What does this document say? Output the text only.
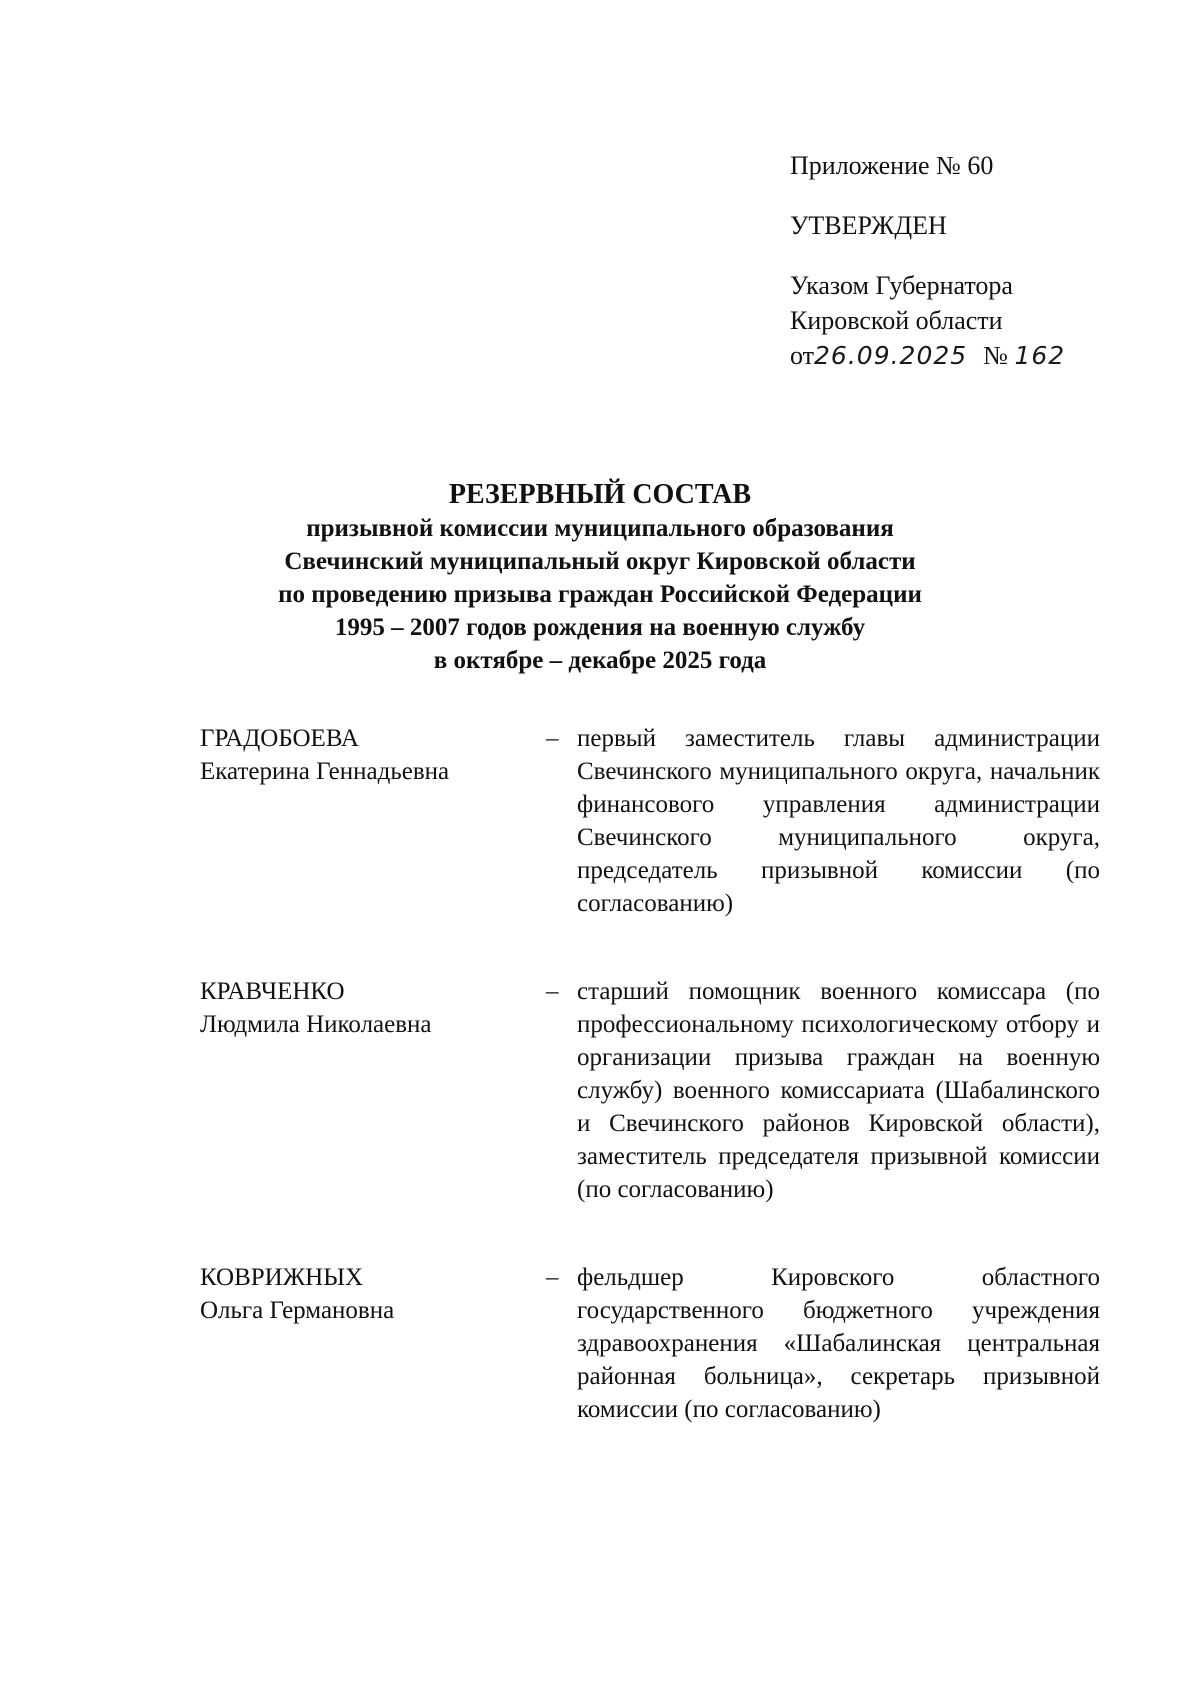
Приложение № 60
УТВЕРЖДЕН
Указом Губернатора
Кировской области
от26.09.2025 № 162
РЕЗЕРВНЫЙ СОСТАВ
призывной комиссии муниципального образования
Свечинский муниципальный округ Кировской области
по проведению призыва граждан Российской Федерации
1995 – 2007 годов рождения на военную службу
в октябре – декабре 2025 года
ГРАДОБОЕВА
Екатерина Геннадьевна
– первый заместитель главы администрации Свечинского муниципального округа, начальник финансового управления администрации Свечинского муниципального округа, председатель призывной комиссии (по согласованию)
КРАВЧЕНКО
Людмила Николаевна
– старший помощник военного комиссара (по профессиональному психологическому отбору и организации призыва граждан на военную службу) военного комиссариата (Шабалинского и Свечинского районов Кировской области), заместитель председателя призывной комиссии (по согласованию)
КОВРИЖНЫХ
Ольга Германовна
– фельдшер Кировского областного государственного бюджетного учреждения здравоохранения «Шабалинская центральная районная больница», секретарь призывной комиссии (по согласованию)
